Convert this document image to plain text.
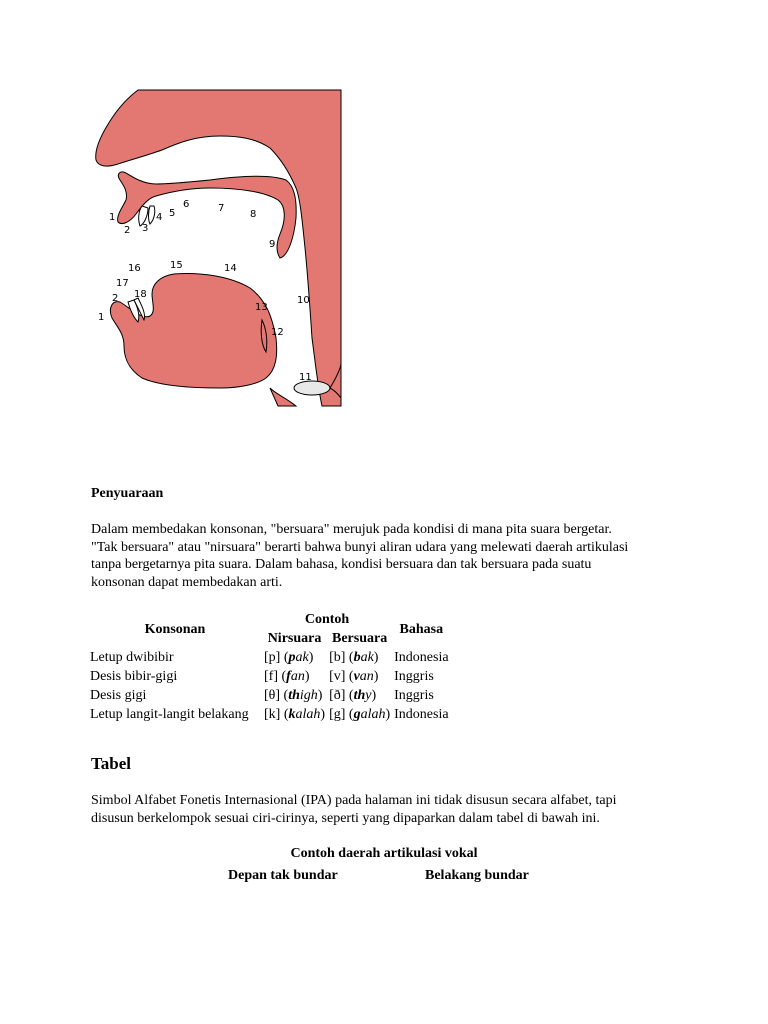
1
2 3
4 5
6	7
8
9
10
1
2 18
17
16	15	14
13
12
11
Penyuaraan

Dalam membedakan konsonan, "bersuara" merujuk pada kondisi di mana pita suara bergetar.

"Tak bersuara" atau "nirsuara" berarti bahwa bunyi aliran udara yang melewati daerah artikulasi

tanpa bergetarnya pita suara. Dalam bahasa, kondisi bersuara dan tak bersuara pada suatu

konsonan dapat membedakan arti.

Konsonan	Contoh		Bahasa
	Nirsuara	Bersuara	
Letup dwibibir	[p] (pak)	[b] (bak)	Indonesia
Desis bibir-gigi	[f] (fan)	[v] (van)	Inggris
Desis gigi	[θ] (thigh)	[ð] (thy)	Inggris
Letup langit-langit belakang	[k] (kalah)	[g] (galah)	Indonesia
Tabel

Simbol Alfabet Fonetis Internasional (IPA) pada halaman ini tidak disusun secara alfabet, tapi

disusun berkelompok sesuai ciri-cirinya, seperti yang dipaparkan dalam tabel di bawah ini.

Contoh daerah artikulasi vokal
Depan tak bundar	Belakang bundar
